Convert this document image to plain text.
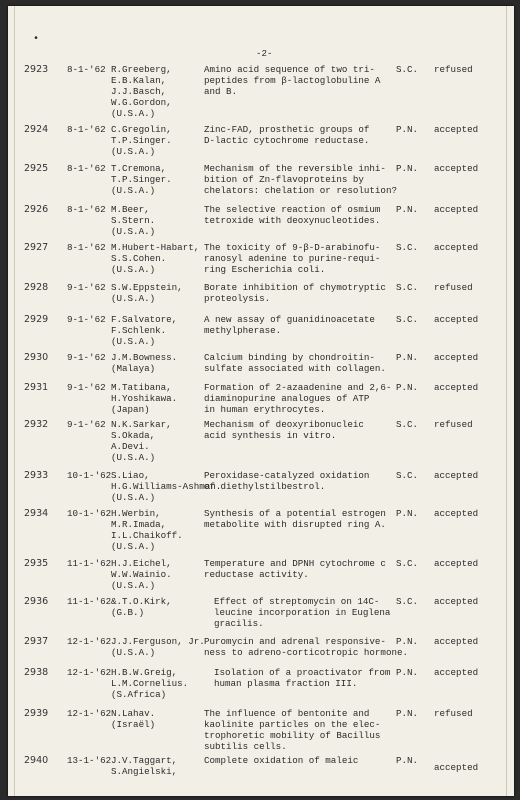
•
-2-
2923 8-1-'62 R.Greeberg,
E.B.Kalan,
J.J.Basch,
W.G.Gordon,
(U.S.A.)
Amino acid sequence of two tri-
peptides from β-lactoglobuline A
and B.
S.C. refused
2924 8-1-'62 C.Gregolin,
T.P.Singer.
(U.S.A.)
Zinc-FAD, prosthetic groups of
D-lactic cytochrome reductase.
P.N. accepted
2925 8-1-'62 T.Cremona,
T.P.Singer.
(U.S.A.)
Mechanism of the reversible inhi-
bition of Zn-flavoproteins by
chelators: chelation or resolution?
P.N. accepted
2926 8-1-'62 M.Beer,
S.Stern.
(U.S.A.)
The selective reaction of osmium
tetroxide with deoxynucleotides.
P.N. accepted
2927 8-1-'62 M.Hubert-Habart,
S.S.Cohen.
(U.S.A.)
The toxicity of 9-β-D-arabinofu-
ranosyl adenine to purine-requi-
ring Escherichia coli.
S.C. accepted
2928 9-1-'62 S.W.Eppstein,
(U.S.A.)
Borate inhibition of chymotryptic
proteolysis.
S.C. refused
2929 9-1-'62 F.Salvatore,
F.Schlenk.
(U.S.A.)
A new assay of guanidinoacetate
methylpherase.
S.C. accepted
2930 9-1-'62 J.M.Bowness.
(Malaya)
Calcium binding by chondroitin-
sulfate associated with collagen.
P.N. accepted
2931 9-1-'62 M.Tatibana,
H.Yoshikawa.
(Japan)
Formation of 2-azaadenine and 2,6-
diaminopurine analogues of ATP
in human erythrocytes.
P.N. accepted
2932 9-1-'62 N.K.Sarkar,
S.Okada,
A.Devi.
(U.S.A.)
Mechanism of deoxyribonucleic
acid synthesis in vitro.
S.C. refused
2933 10-1-'62 S.Liao,
H.G.Williams-Ashman.
(U.S.A.)
Peroxidase-catalyzed oxidation
of diethylstilbestrol.
S.C. accepted
2934 10-1-'62 H.Werbin,
M.R.Imada,
I.L.Chaikoff.
(U.S.A.)
Synthesis of a potential estrogen
metabolite with disrupted ring A.
P.N. accepted
2935 11-1-'62 H.J.Eichel,
W.W.Wainio.
(U.S.A.)
Temperature and DPNH cytochrome c
reductase activity.
S.C. accepted
2936 11-1-'62 &.T.O.Kirk,
(G.B.)
Effect of streptomycin on 14C-
leucine incorporation in Euglena
gracilis.
S.C. accepted
2937 12-1-'62 J.J.Ferguson, Jr.
(U.S.A.)
Puromycin and adrenal responsive-
ness to adreno-corticotropic hormone.
P.N. accepted
2938 12-1-'62 H.B.W.Greig,
L.M.Cornelius.
(S.Africa)
Isolation of a proactivator from
human plasma fraction III.
P.N. accepted
2939 12-1-'62 N.Lahav.
(Israël)
The influence of bentonite and
kaolinite particles on the elec-
trophoretic mobility of Bacillus
subtilis cells.
P.N. refused
2940 13-1-'62 J.V.Taggart,
S.Angielski,
Complete oxidation of maleic	P.N.
accepted
